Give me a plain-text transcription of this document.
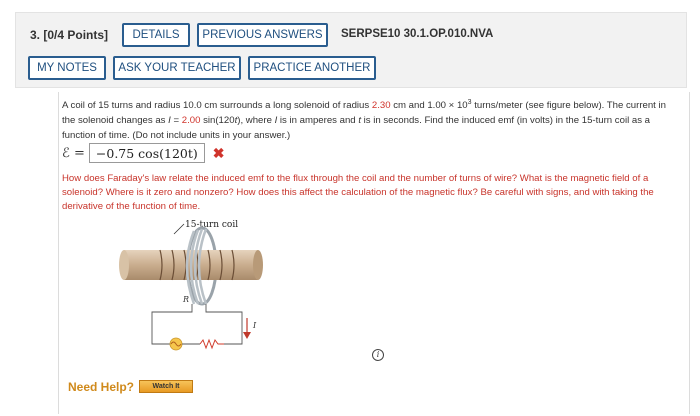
3. [0/4 Points]	DETAILS	PREVIOUS ANSWERS	SERPSE10 30.1.OP.010.NVA
MY NOTES	ASK YOUR TEACHER	PRACTICE ANOTHER
A coil of 15 turns and radius 10.0 cm surrounds a long solenoid of radius 2.30 cm and $1.00 \times 10^3$ turns/meter (see figure below). The current in the solenoid changes as I = 2.00 sin(120t), where I is in amperes and t is in seconds. Find the induced emf (in volts) in the 15-turn coil as a function of time. (Do not include units in your answer.)
ℰ = −0.75 cos(120t)	✖
How does Faraday's law relate the induced emf to the flux through the coil and the number of turns of wire? What is the magnetic field of a solenoid? Where is it zero and nonzero? How does this affect the calculation of the magnetic flux? Be careful with signs, and with taking the derivative of the function of time.
15-turn coil
R
I
i
Need Help?	Watch It
